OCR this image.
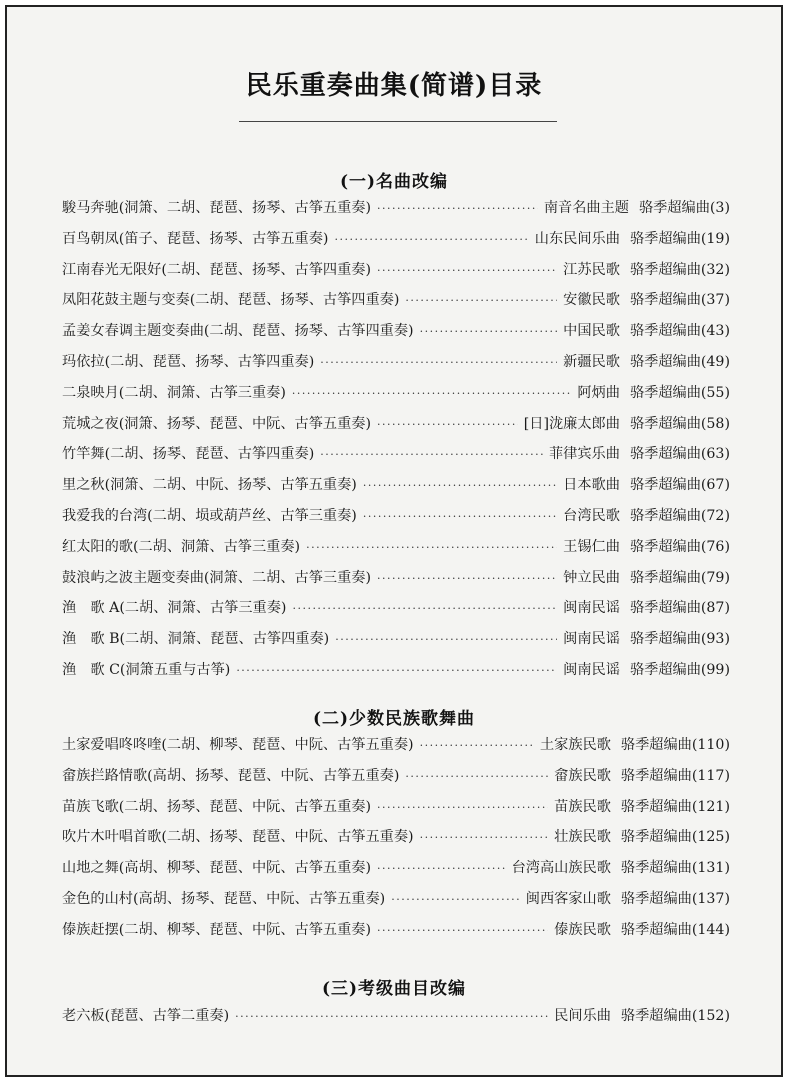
民乐重奏曲集(简谱)目录
(一)名曲改编
駿马奔驰(洞箫、二胡、琵琶、扬琴、古筝五重奏) ·····	南音名曲主题 骆季超编曲(3)
百鸟朝凤(笛子、琵琶、扬琴、古筝五重奏) ·····	山东民间乐曲 骆季超编曲(19)
江南春光无限好(二胡、琵琶、扬琴、古筝四重奏) ·····	江苏民歌 骆季超编曲(32)
凤阳花鼓主题与变奏(二胡、琵琶、扬琴、古筝四重奏) ·····	安徽民歌 骆季超编曲(37)
孟姜女春调主题变奏曲(二胡、琵琶、扬琴、古筝四重奏) ·····	中国民歌 骆季超编曲(43)
玛依拉(二胡、琵琶、扬琴、古筝四重奏) ·····	新疆民歌 骆季超编曲(49)
二泉映月(二胡、洞箫、古筝三重奏) ·····	阿炳曲 骆季超编曲(55)
荒城之夜(洞箫、扬琴、琵琶、中阮、古筝五重奏) ·····	[日]泷廉太郎曲 骆季超编曲(58)
竹竿舞(二胡、扬琴、琵琶、古筝四重奏) ·····	菲律宾乐曲 骆季超编曲(63)
里之秋(洞箫、二胡、中阮、扬琴、古筝五重奏) ·····	日本歌曲 骆季超编曲(67)
我爱我的台湾(二胡、埙或葫芦丝、古筝三重奏) ·····	台湾民歌 骆季超编曲(72)
红太阳的歌(二胡、洞箫、古筝三重奏) ·····	王锡仁曲 骆季超编曲(76)
鼓浪屿之波主题变奏曲(洞箫、二胡、古筝三重奏) ·····	钟立民曲 骆季超编曲(79)
渔　歌 A(二胡、洞箫、古筝三重奏) ·····	闽南民谣 骆季超编曲(87)
渔　歌 B(二胡、洞箫、琵琶、古筝四重奏) ·····	闽南民谣 骆季超编曲(93)
渔　歌 C(洞箫五重与古筝) ·····	闽南民谣 骆季超编曲(99)
(二)少数民族歌舞曲
土家爱唱咚咚喹(二胡、柳琴、琵琶、中阮、古筝五重奏) ·····	土家族民歌 骆季超编曲(110)
畲族拦路情歌(高胡、扬琴、琵琶、中阮、古筝五重奏) ·····	畲族民歌 骆季超编曲(117)
苗族飞歌(二胡、扬琴、琵琶、中阮、古筝五重奏) ·····	苗族民歌 骆季超编曲(121)
吹片木叶唱首歌(二胡、扬琴、琵琶、中阮、古筝五重奏) ·····	壮族民歌 骆季超编曲(125)
山地之舞(高胡、柳琴、琵琶、中阮、古筝五重奏) ·····	台湾高山族民歌 骆季超编曲(131)
金色的山村(高胡、扬琴、琵琶、中阮、古筝五重奏) ·····	闽西客家山歌 骆季超编曲(137)
傣族赶摆(二胡、柳琴、琵琶、中阮、古筝五重奏) ·····	傣族民歌 骆季超编曲(144)
(三)考级曲目改编
老六板(琵琶、古筝二重奏) ·····	民间乐曲 骆季超编曲(152)
